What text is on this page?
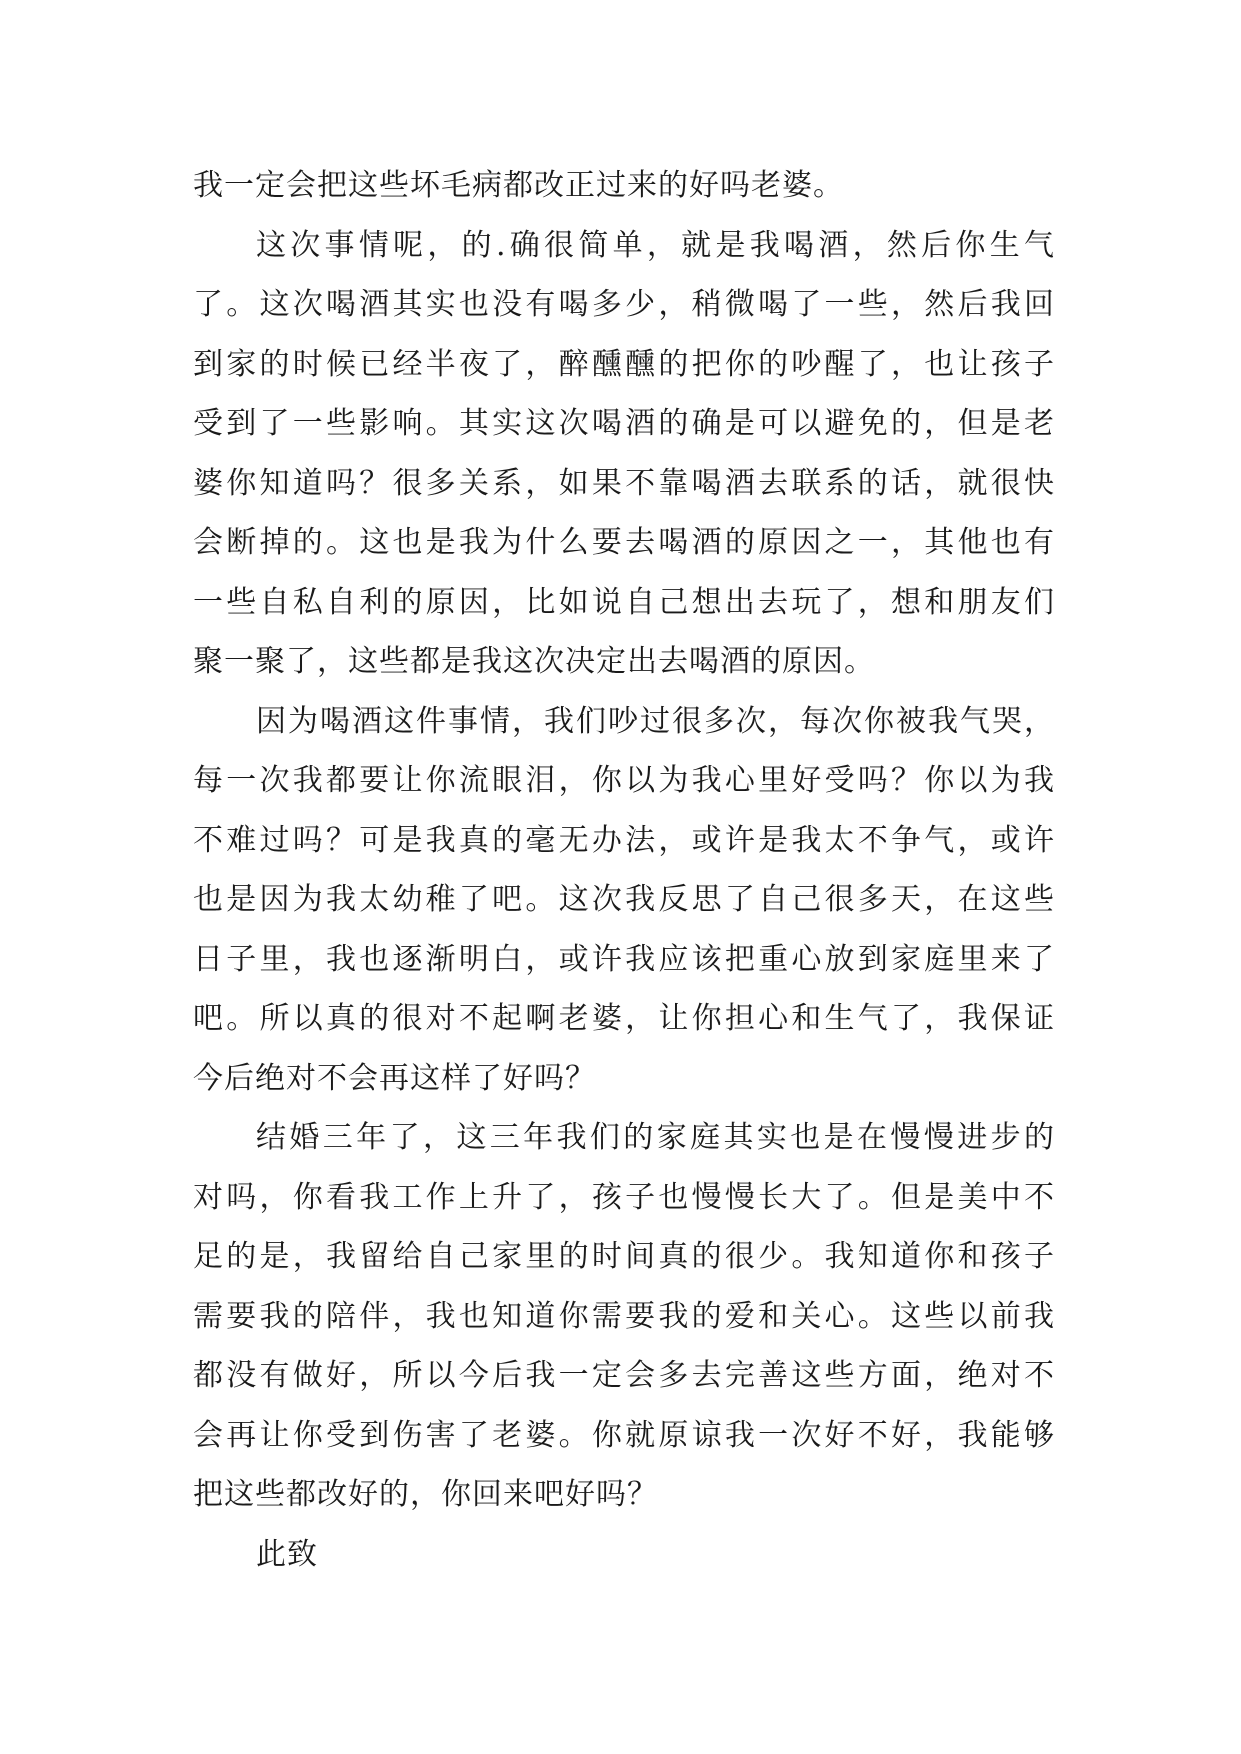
我一定会把这些坏毛病都改正过来的好吗老婆。
这次事情呢，的.确很简单，就是我喝酒，然后你生气
了。这次喝酒其实也没有喝多少，稍微喝了一些，然后我回
到家的时候已经半夜了，醉醺醺的把你的吵醒了，也让孩子
受到了一些影响。其实这次喝酒的确是可以避免的，但是老
婆你知道吗？很多关系，如果不靠喝酒去联系的话，就很快
会断掉的。这也是我为什么要去喝酒的原因之一，其他也有
一些自私自利的原因，比如说自己想出去玩了，想和朋友们
聚一聚了，这些都是我这次决定出去喝酒的原因。
因为喝酒这件事情，我们吵过很多次，每次你被我气哭，
每一次我都要让你流眼泪，你以为我心里好受吗？你以为我
不难过吗？可是我真的毫无办法，或许是我太不争气，或许
也是因为我太幼稚了吧。这次我反思了自己很多天，在这些
日子里，我也逐渐明白，或许我应该把重心放到家庭里来了
吧。所以真的很对不起啊老婆，让你担心和生气了，我保证
今后绝对不会再这样了好吗？
结婚三年了，这三年我们的家庭其实也是在慢慢进步的
对吗，你看我工作上升了，孩子也慢慢长大了。但是美中不
足的是，我留给自己家里的时间真的很少。我知道你和孩子
需要我的陪伴，我也知道你需要我的爱和关心。这些以前我
都没有做好，所以今后我一定会多去完善这些方面，绝对不
会再让你受到伤害了老婆。你就原谅我一次好不好，我能够
把这些都改好的，你回来吧好吗？
此致
